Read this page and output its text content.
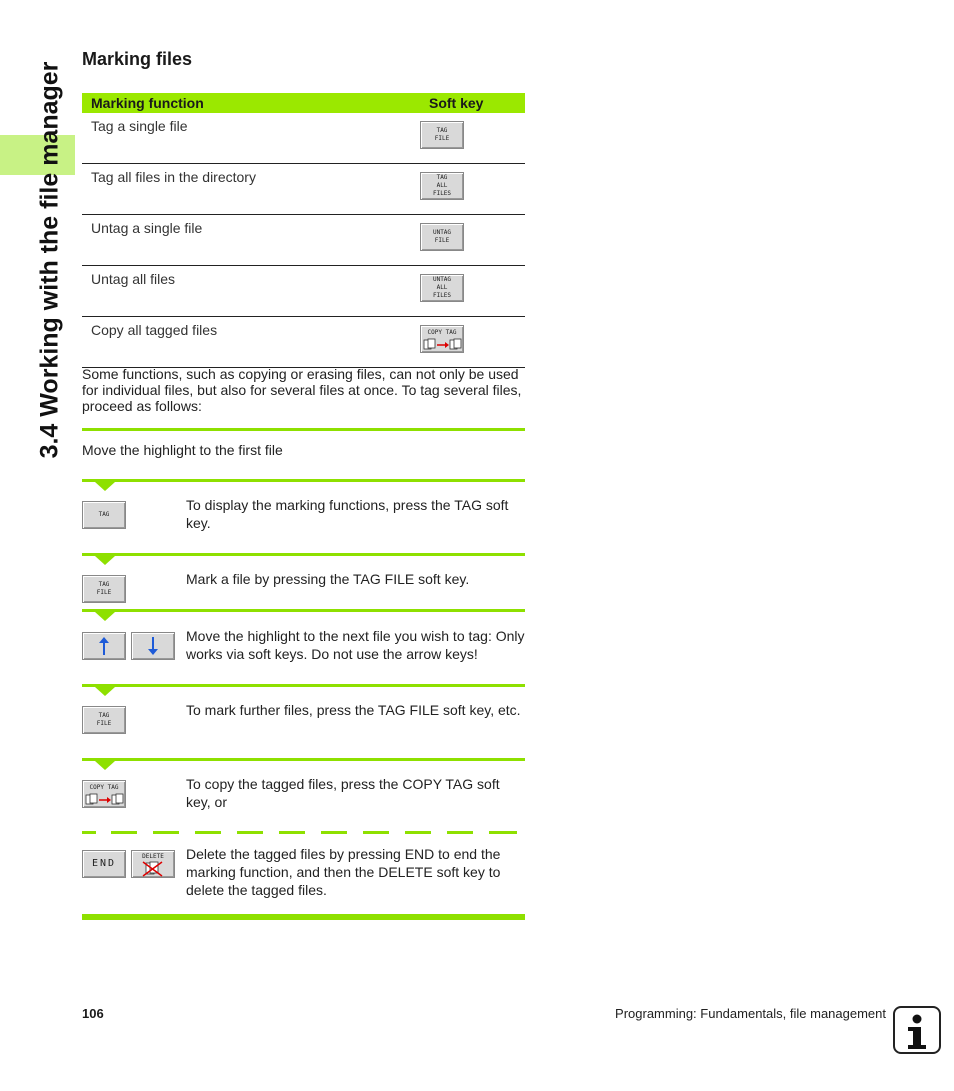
3.4 Working with the file manager
Marking files
Marking function	Soft key
Tag a single file	TAG
FILE

Tag all files in the directory	TAG
ALL
FILES

Untag a single file	UNTAG
FILE

Untag all files	UNTAG
ALL
FILES

Copy all tagged files	COPY TAG
Some functions, such as copying or erasing files, can not only be used for individual files, but also for several files at once. To tag several files, proceed as follows:
Move the highlight to the first file
TAG
To display the marking functions, press the TAG soft key.
TAG
FILE
Mark a file by pressing the TAG FILE soft key.
Move the highlight to the next file you wish to tag: Only works via soft keys. Do not use the arrow keys!
TAG
FILE
To mark further files, press the TAG FILE soft key, etc.
COPY TAG	To copy the tagged files, press the COPY TAG soft key, or
END
DELETE Delete the tagged files by pressing END to end the marking function, and then the DELETE soft key to delete the tagged files.
106	Programming: Fundamentals, file management
